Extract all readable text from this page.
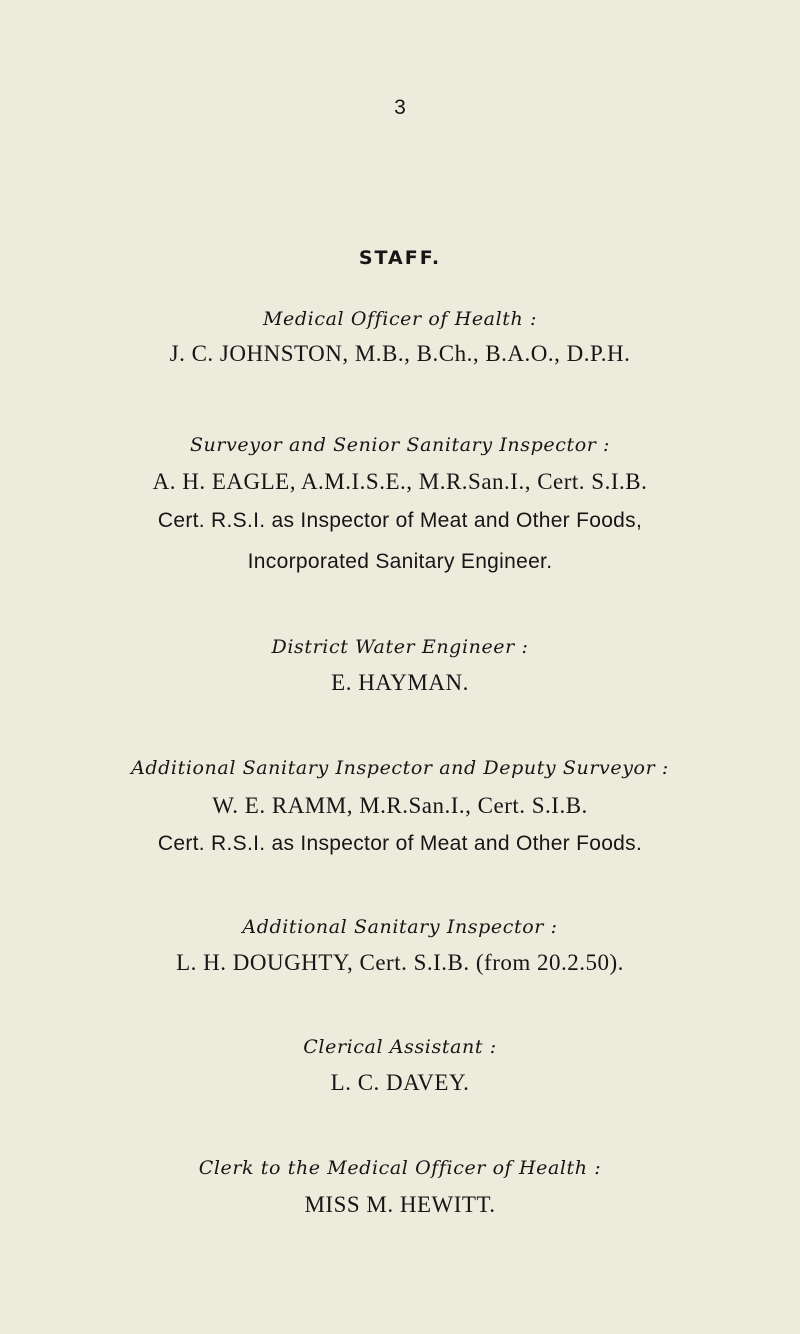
3
STAFF.
Medical Officer of Health :
J. C. JOHNSTON, M.B., B.Ch., B.A.O., D.P.H.
Surveyor and Senior Sanitary Inspector :
A. H. EAGLE, A.M.I.S.E., M.R.San.I., Cert. S.I.B.
Cert. R.S.I. as Inspector of Meat and Other Foods,
Incorporated Sanitary Engineer.
District Water Engineer :
E. HAYMAN.
Additional Sanitary Inspector and Deputy Surveyor :
W. E. RAMM, M.R.San.I., Cert. S.I.B.
Cert. R.S.I. as Inspector of Meat and Other Foods.
Additional Sanitary Inspector :
L. H. DOUGHTY, Cert. S.I.B. (from 20.2.50).
Clerical Assistant :
L. C. DAVEY.
Clerk to the Medical Officer of Health :
MISS M. HEWITT.
